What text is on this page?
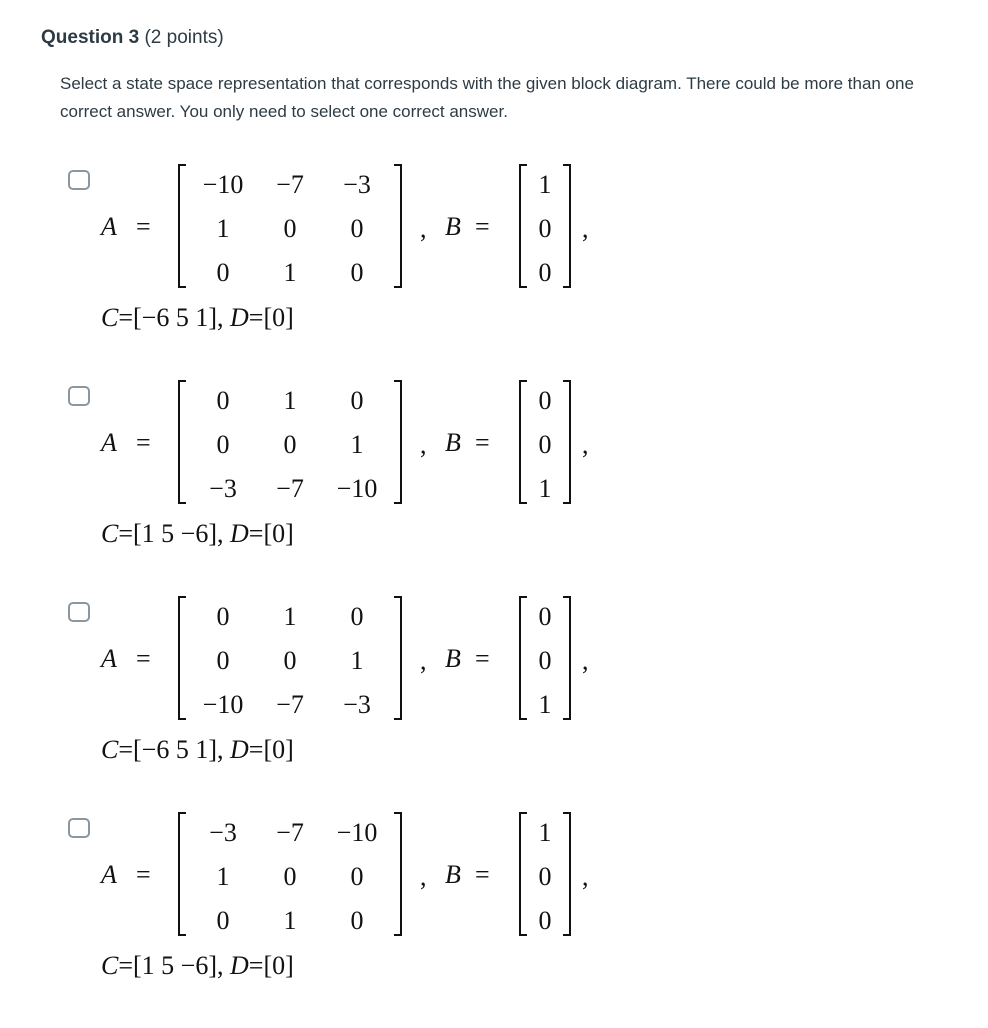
Question 3 (2 points)
Select a state space representation that corresponds with the given block diagram. There could be more than one correct answer. You only need to select one correct answer.
A =	, B =	,
C=[−6 5 1], D=[0]
−10	−7	−3
1	0	0
0	1	0
1
0
0
A =	, B =	,
C=[1 5 −6], D=[0]
0	1	0
0	0	1
−3	−7	−10
0
0
1
A =	, B =	,
C=[−6 5 1], D=[0]
0	1	0
0	0	1
−10	−7	−3
0
0
1
A =	, B =	,
C=[1 5 −6], D=[0]
−3	−7	−10
1	0	0
0	1	0
1
0
0
